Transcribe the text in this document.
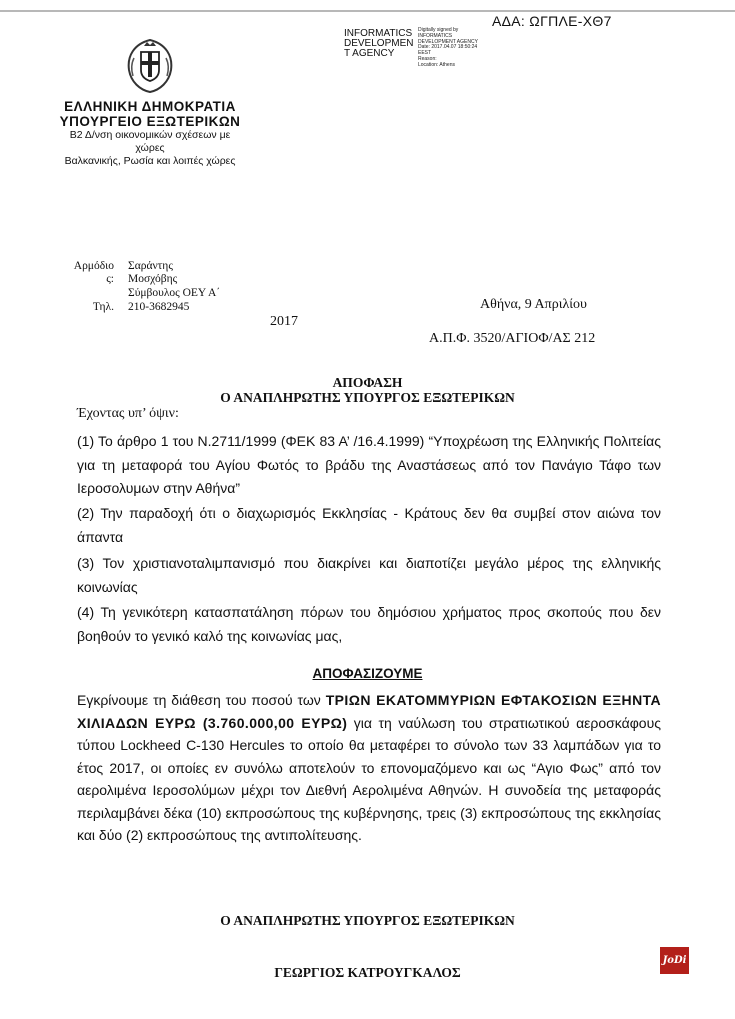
ΑΔΑ: ΩΓΠΛΕ-ΧΘ7
INFORMATICS DEVELOPMEN T AGENCY
Digitally signed by
INFORMATICS
DEVELOPMENT AGENCY
Date: 2017.04.07 18:50:24
EEST
Reason:
Location: Athens
ΕΛΛΗΝΙΚΗ ΔΗΜΟΚΡΑΤΙΑ
ΥΠΟΥΡΓΕΙΟ ΕΞΩΤΕΡΙΚΩΝ
Β2 Δ/νση οικονομικών σχέσεων με
χώρες
Βαλκανικής, Ρωσία και λοιπές χώρες
Αρμόδιο Σαράντης
ς: Μοσχόβης
Σύμβουλος ΟΕΥ Α΄
Τηλ. 210-3682945	Αθήνα, 9 Απριλίου
2017
Α.Π.Φ. 3520/ΑΓΙΟΦ/ΑΣ 212
ΑΠΟΦΑΣΗ
Ο ΑΝΑΠΛΗΡΩΤΗΣ ΥΠΟΥΡΓΟΣ ΕΞΩΤΕΡΙΚΩΝ
Έχοντας υπ’ όψιν:
(1) Το άρθρο 1 του Ν.2711/1999 (ΦΕΚ 83 Α’ /16.4.1999) “Υποχρέωση της Ελληνικής Πολιτείας για τη μεταφορά του Αγίου Φωτός το βράδυ της Αναστάσεως από τον Πανάγιο Τάφο των Ιεροσολυμων στην Αθήνα”
(2) Την παραδοχή ότι ο διαχωρισμός Εκκλησίας - Κράτους δεν θα συμβεί στον αιώνα τον άπαντα
(3) Τον χριστιανοταλιμπανισμό που διακρίνει και διαποτίζει μεγάλο μέρος της ελληνικής κοινωνίας
(4) Τη γενικότερη κατασπατάληση πόρων του δημόσιου χρήματος προς σκοπούς που δεν βοηθούν το γενικό καλό της κοινωνίας μας,
ΑΠΟΦΑΣΙΖΟΥΜΕ
Εγκρίνουμε τη διάθεση του ποσού των ΤΡΙΩΝ ΕΚΑΤΟΜΜΥΡΙΩΝ ΕΦΤΑΚΟΣΙΩΝ ΕΞΗΝΤΑ ΧΙΛΙΑΔΩΝ ΕΥΡΩ (3.760.000,00 ΕΥΡΩ) για τη ναύλωση του στρατιωτικού αεροσκάφους τύπου Lockheed C-130 Hercules το οποίο θα μεταφέρει το σύνολο των 33 λαμπάδων για το έτος 2017, οι οποίες εν συνόλω αποτελούν το επονομαζόμενο και ως “Αγιο Φως” από τον αερολιμένα Ιεροσολύμων μέχρι τον Διεθνή Αερολιμένα Αθηνών. Η συνοδεία της μεταφοράς περιλαμβάνει δέκα (10) εκπροσώπους της κυβέρνησης, τρεις (3) εκπροσώπους της εκκλησίας και δύο (2) εκπροσώπους της αντιπολίτευσης.
Ο ΑΝΑΠΛΗΡΩΤΗΣ ΥΠΟΥΡΓΟΣ ΕΞΩΤΕΡΙΚΩΝ
ΓΕΩΡΓΙΟΣ ΚΑΤΡΟΥΓΚΑΛΟΣ
JoDi
